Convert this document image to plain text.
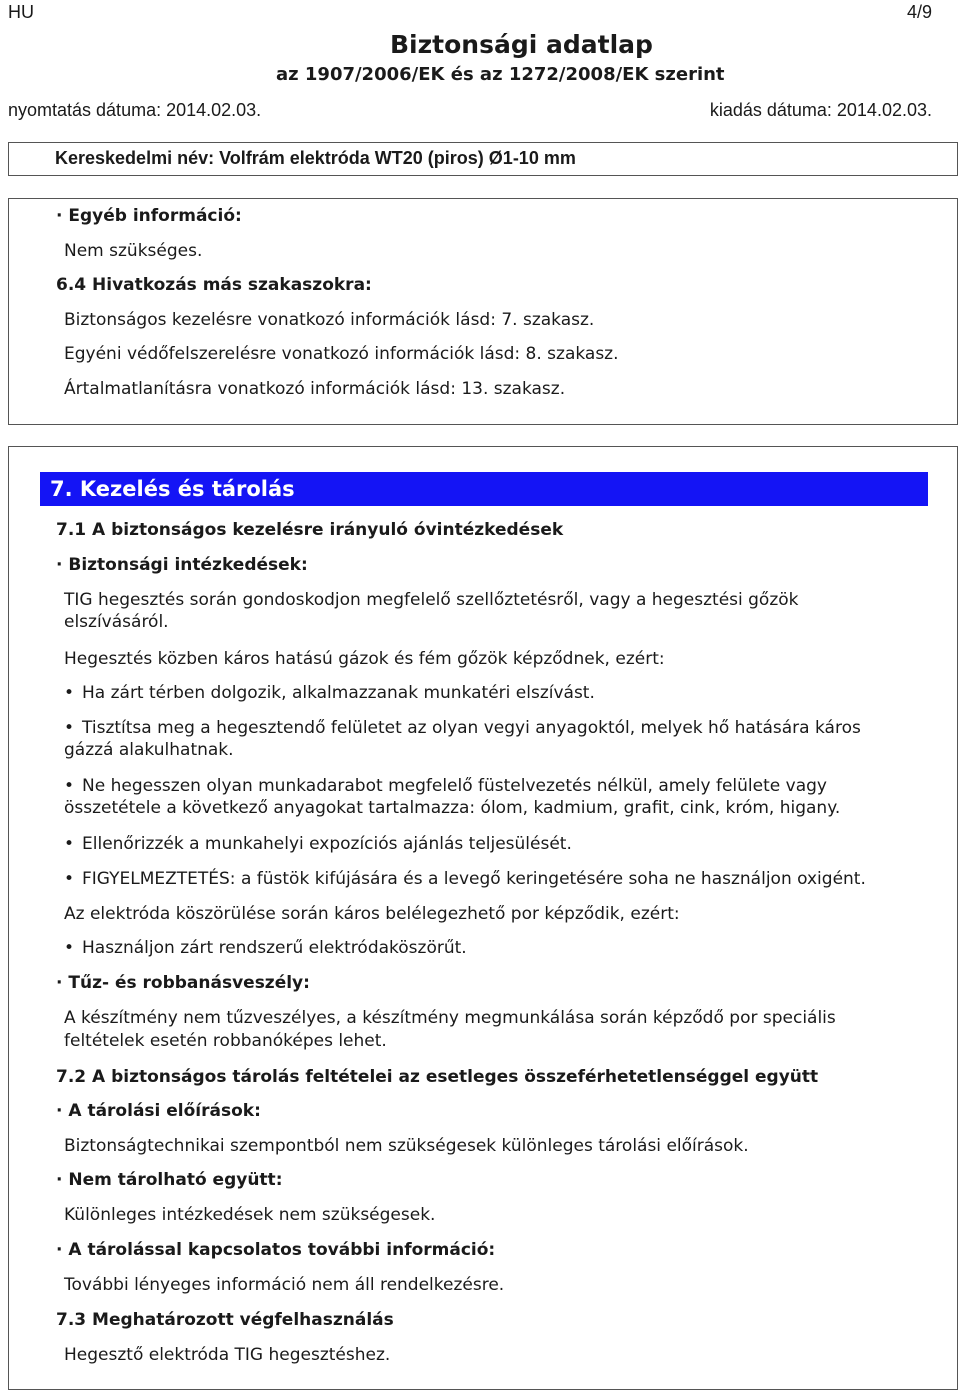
HU	4/9
Biztonsági adatlap
az 1907/2006/EK és az 1272/2008/EK szerint
nyomtatás dátuma: 2014.02.03.	kiadás dátuma: 2014.02.03.
Kereskedelmi név: Volfrám elektróda WT20 (piros) Ø1-10 mm
· Egyéb információ:
Nem szükséges.
6.4 Hivatkozás más szakaszokra:
Biztonságos kezelésre vonatkozó információk lásd: 7. szakasz.
Egyéni védőfelszerelésre vonatkozó információk lásd: 8. szakasz.
Ártalmatlanításra vonatkozó információk lásd: 13. szakasz.
7. Kezelés és tárolás
7.1 A biztonságos kezelésre irányuló óvintézkedések
· Biztonsági intézkedések:
TIG hegesztés során gondoskodjon megfelelő szellőztetésről, vagy a hegesztési gőzök
elszívásáról.
Hegesztés közben káros hatású gázok és fém gőzök képződnek, ezért:
• Ha zárt térben dolgozik, alkalmazzanak munkatéri elszívást.
• Tisztítsa meg a hegesztendő felületet az olyan vegyi anyagoktól, melyek hő hatására káros
gázzá alakulhatnak.
• Ne hegesszen olyan munkadarabot megfelelő füstelvezetés nélkül, amely felülete vagy
összetétele a következő anyagokat tartalmazza: ólom, kadmium, grafit, cink, króm, higany.
• Ellenőrizzék a munkahelyi expozíciós ajánlás teljesülését.
• FIGYELMEZTETÉS: a füstök kifújására és a levegő keringetésére soha ne használjon oxigént.
Az elektróda köszörülése során káros belélegezhető por képződik, ezért:
• Használjon zárt rendszerű elektródaköszörűt.
· Tűz- és robbanásveszély:
A készítmény nem tűzveszélyes, a készítmény megmunkálása során képződő por speciális
feltételek esetén robbanóképes lehet.
7.2 A biztonságos tárolás feltételei az esetleges összeférhetetlenséggel együtt
· A tárolási előírások:
Biztonságtechnikai szempontból nem szükségesek különleges tárolási előírások.
· Nem tárolható együtt:
Különleges intézkedések nem szükségesek.
· A tárolással kapcsolatos további információ:
További lényeges információ nem áll rendelkezésre.
7.3 Meghatározott végfelhasználás
Hegesztő elektróda TIG hegesztéshez.
